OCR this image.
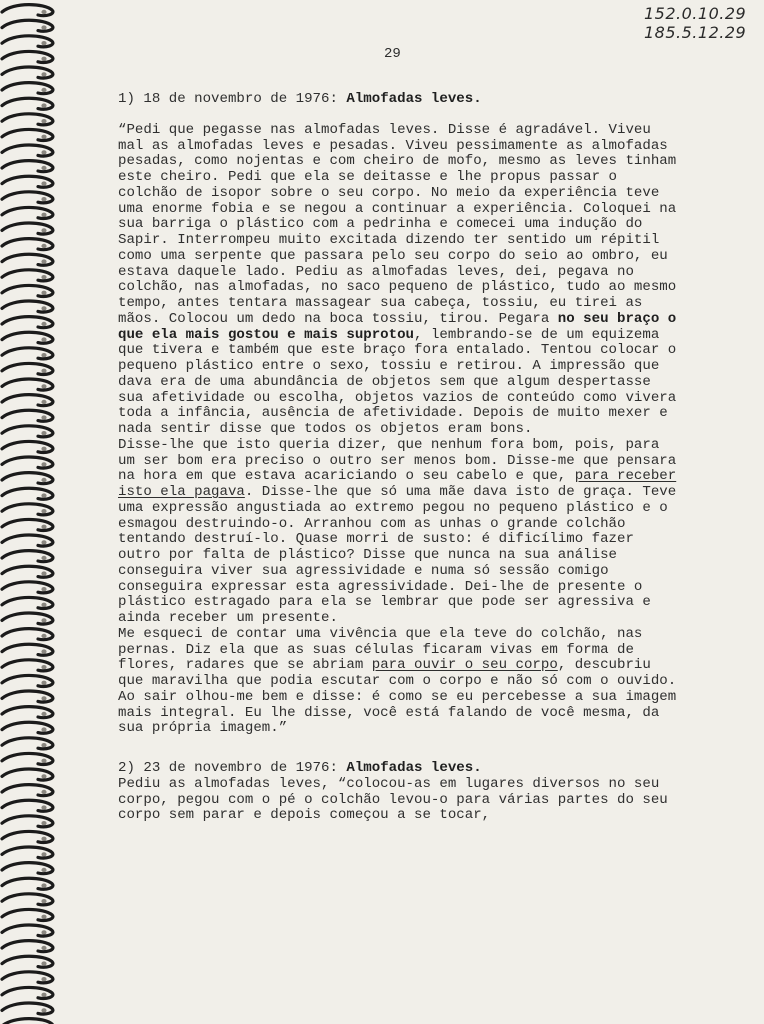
152.0.10.29
185.5.12.29
29
1) 18 de novembro de 1976: Almofadas leves.

“Pedi que pegasse nas almofadas leves. Disse é agradável. Viveu mal as almofadas leves e pesadas. Viveu pessimamente as almofadas pesadas, como nojentas e com cheiro de mofo, mesmo as leves tinham este cheiro. Pedi que ela se deitasse e lhe propus passar o colchão de isopor sobre o seu corpo. No meio da experiência teve uma enorme fobia e se negou a continuar a experiência. Coloquei na sua barriga o plástico com a pedrinha e comecei uma indução do Sapir. Interrompeu muito excitada dizendo ter sentido um répitil como uma serpente que passara pelo seu corpo do seio ao ombro, eu estava daquele lado. Pediu as almofadas leves, dei, pegava no colchão, nas almofadas, no saco pequeno de plástico, tudo ao mesmo tempo, antes tentara massagear sua cabeça, tossiu, eu tirei as mãos. Colocou um dedo na boca tossiu, tirou. Pegara no seu braço o que ela mais gostou e mais suprotou, lembrando-se de um equizema que tivera e também que este braço fora entalado. Tentou colocar o pequeno plástico entre o sexo, tossiu e retirou. A impressão que dava era de uma abundância de objetos sem que algum despertasse sua afetividade ou escolha, objetos vazios de conteúdo como vivera toda a infância, ausência de afetividade. Depois de muito mexer e nada sentir disse que todos os objetos eram bons.

Disse-lhe que isto queria dizer, que nenhum fora bom, pois, para um ser bom era preciso o outro ser menos bom. Disse-me que pensara na hora em que estava acariciando o seu cabelo e que, para receber isto ela pagava. Disse-lhe que só uma mãe dava isto de graça. Teve uma expressão angustiada ao extremo pegou no pequeno plástico e o esmagou destruindo-o. Arranhou com as unhas o grande colchão tentando destruí-lo. Quase morri de susto: é dificílimo fazer outro por falta de plástico? Disse que nunca na sua análise conseguira viver sua agressividade e numa só sessão comigo conseguira expressar esta agressividade. Dei-lhe de presente o plástico estragado para ela se lembrar que pode ser agressiva e ainda receber um presente.

Me esqueci de contar uma vivência que ela teve do colchão, nas pernas. Diz ela que as suas células ficaram vivas em forma de flores, radares que se abriam para ouvir o seu corpo, descubriu que maravilha que podia escutar com o corpo e não só com o ouvido.

Ao sair olhou-me bem e disse: é como se eu percebesse a sua imagem mais integral. Eu lhe disse, você está falando de você mesma, da sua própria imagem.”

2) 23 de novembro de 1976: Almofadas leves.

Pediu as almofadas leves, “colocou-as em lugares diversos no seu corpo, pegou com o pé o colchão levou-o para várias partes do seu corpo sem parar e depois começou a se tocar,
